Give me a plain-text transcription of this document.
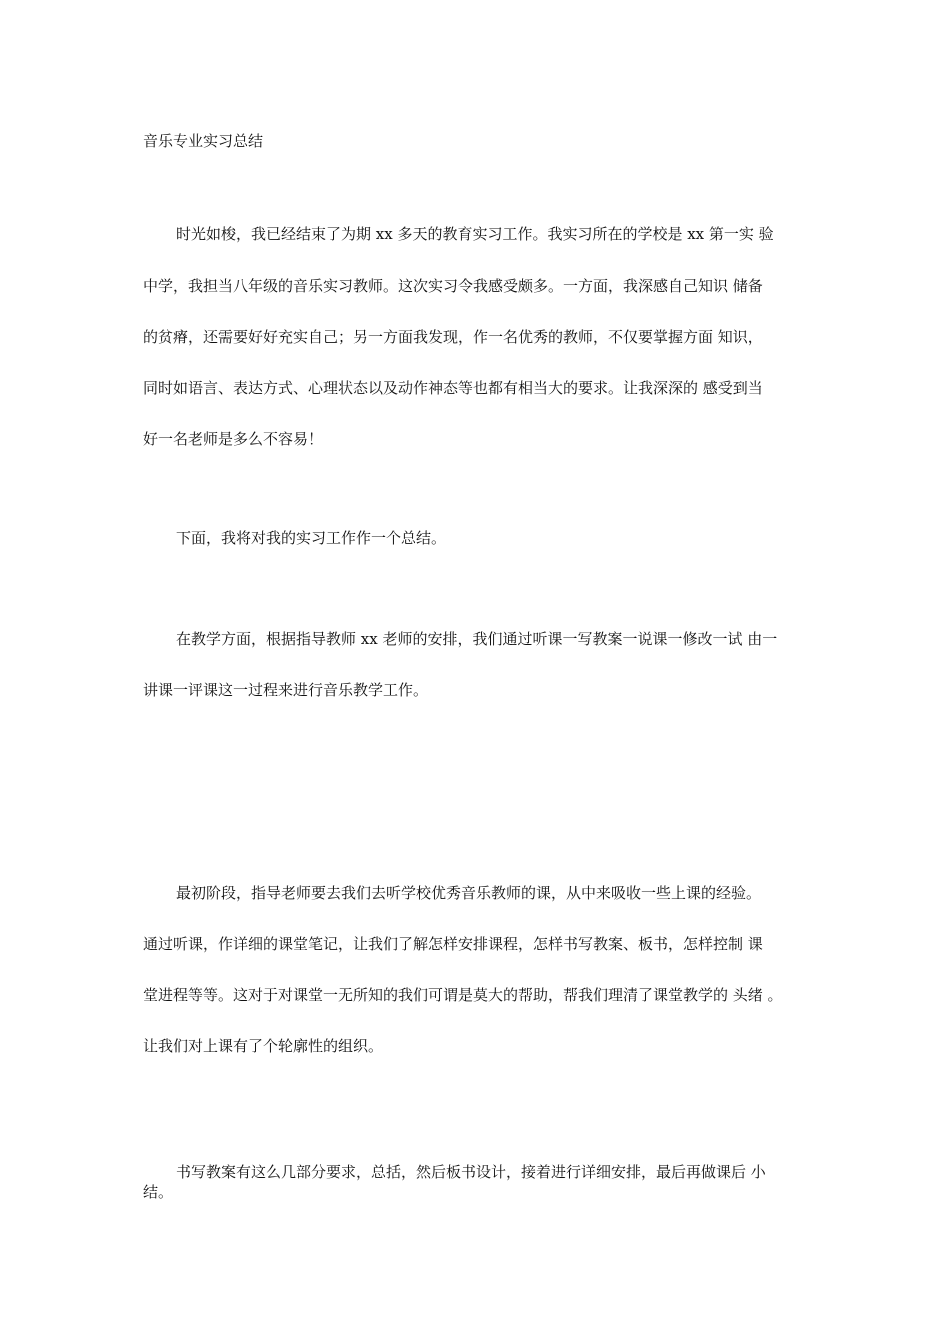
音乐专业实习总结
时光如梭，我已经结束了为期 xx 多天的教育实习工作。我实习所在的学校是 xx 第一实 验
中学，我担当八年级的音乐实习教师。这次实习令我感受颇多。一方面，我深感自己知识 储备
的贫瘠，还需要好好充实自己；另一方面我发现，作一名优秀的教师，不仅要掌握方面 知识，
同时如语言、表达方式、心理状态以及动作神态等也都有相当大的要求。让我深深的 感受到当
好一名老师是多么不容易！
下面，我将对我的实习工作作一个总结。
在教学方面，根据指导教师 xx 老师的安排，我们通过听课一写教案一说课一修改一试 由一
讲课一评课这一过程来进行音乐教学工作。
最初阶段，指导老师要去我们去听学校优秀音乐教师的课，从中来吸收一些上课的经验。
通过听课，作详细的课堂笔记，让我们了解怎样安排课程，怎样书写教案、板书，怎样控制 课
堂进程等等。这对于对课堂一无所知的我们可谓是莫大的帮助，帮我们理清了课堂教学的 头绪 。
让我们对上课有了个轮廓性的组织。
书写教案有这么几部分要求，总括，然后板书设计，接着进行详细安排，最后再做课后 小
结。
